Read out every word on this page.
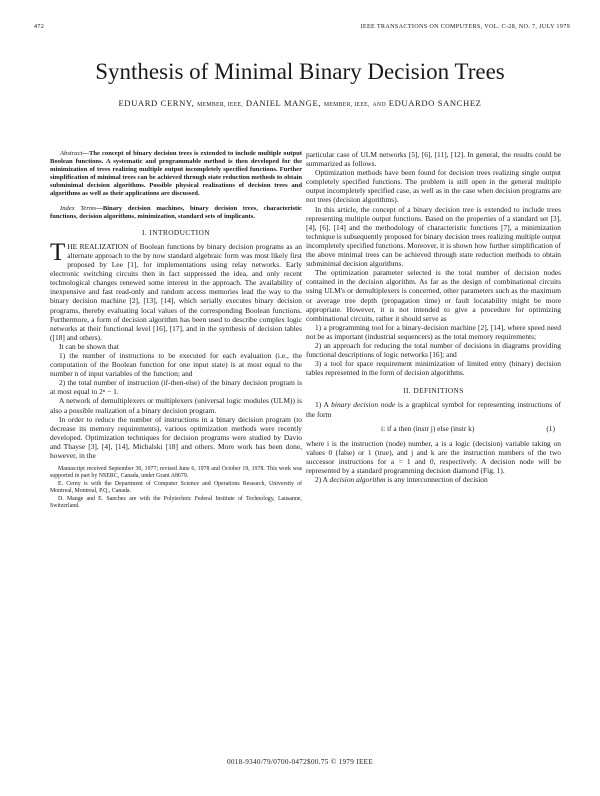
472	IEEE TRANSACTIONS ON COMPUTERS, VOL. C-28, NO. 7, JULY 1979
Synthesis of Minimal Binary Decision Trees
EDUARD CERNY, MEMBER, IEEE, DANIEL MANGE, MEMBER, IEEE, AND EDUARDO SANCHEZ
Abstract—The concept of binary decision trees is extended to include multiple output Boolean functions. A systematic and programmable method is then developed for the minimization of trees realizing multiple output incompletely specified functions. Further simplification of minimal trees can be achieved through state reduction methods to obtain subminimal decision algorithms. Possible physical realizations of decision trees and algorithms as well as their applications are discussed.
Index Terms—Binary decision machines, binary decision trees, characteristic functions, decision algorithms, minimization, standard sets of implicants.
I. INTRODUCTION

THE REALIZATION of Boolean functions by binary decision programs as an alternate approach to the by now standard algebraic form was most likely first proposed by Lee [1], for implementations using relay networks. Early electronic switching circuits then in fact suppressed the idea, and only recent technological changes renewed some interest in the approach. The availability of inexpensive and fast read-only and random access memories lead the way to the binary decision machine [2], [13], [14], which serially executes binary decision programs, thereby evaluating local values of the corresponding Boolean functions. Furthermore, a form of decision algorithm has been used to describe complex logic networks at their functional level [16], [17], and in the synthesis of decision tables ([18] and others).

It can be shown that

1) the number of instructions to be executed for each evaluation (i.e., the computation of the Boolean function for one input state) is at most equal to the number n of input variables of the function; and

2) the total number of instruction (if-then-else) of the binary decision program is at most equal to 2ⁿ − 1.

A network of demultiplexers or multiplexers (universal logic modules (ULM)) is also a possible realization of a binary decision program.

In order to reduce the number of instructions in a binary decision program (to decrease its memory requirements), various optimization methods were recently developed. Optimization techniques for decision programs were studied by Davio and Thayse [3], [4], [14], Michalski [18] and others. More work has been done, however, in the

Manuscript received September 30, 1977; revised June 6, 1978 and October 19, 1978. This work was supported in part by NSERC, Canada, under Grant A8679.

E. Cerny is with the Department of Computer Science and Operations Research, University of Montreal, Montreal, P.Q., Canada.

D. Mange and E. Sanchez are with the Polytechnic Federal Institute of Technology, Lausanne, Switzerland.

particular case of ULM networks [5], [6], [11], [12]. In general, the results could be summarized as follows.

Optimization methods have been found for decision trees realizing single output completely specified functions. The problem is still open in the general multiple output incompletely specified case, as well as in the case when decision programs are not trees (decision algorithms).

In this article, the concept of a binary decision tree is extended to include trees representing multiple output functions. Based on the properties of a standard set [3], [4], [6], [14] and the methodology of characteristic functions [7], a minimization technique is subsequently proposed for binary decision trees realizing multiple output incompletely specified functions. Moreover, it is shown how further simplification of the above minimal trees can be achieved through state reduction methods to obtain subminimal decision algorithms.

The optimization parameter selected is the total number of decision nodes contained in the decision algorithm. As far as the design of combinational circuits using ULM's or demultiplexers is concerned, other parameters such as the maximum or average tree depth (propagation time) or fault locatability might be more appropriate. However, it is not intended to give a procedure for optimizing combinational circuits, rather it should serve as

1) a programming tool for a binary-decision machine [2], [14], where speed need not be as important (industrial sequencers) as the total memory requirements;

2) an approach for reducing the total number of decisions in diagrams providing functional descriptions of logic networks [16]; and

3) a tool for space requirement minimization of limited entry (binary) decision tables represented in the form of decision algorithms.

II. DEFINITIONS

1) A binary decision node is a graphical symbol for representing instructions of the form

i: if a then (instr j) else (instr k)	(1)

where i is the instruction (node) number, a is a logic (decision) variable taking on values 0 (false) or 1 (true), and j and k are the instruction numbers of the two successor instructions for a = 1 and 0, respectively. A decision node will be represented by a standard programming decision diamond (Fig. 1).

2) A decision algorithm is any interconnection of decision

0018-9340/79/0700-0472$00.75 © 1979 IEEE
